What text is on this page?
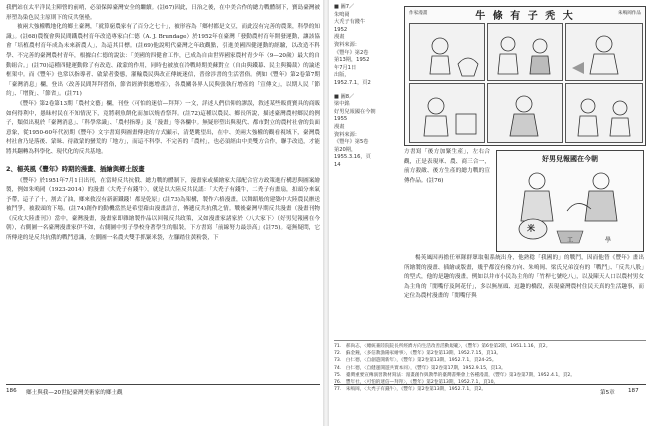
我們站在太平洋民主陣營的前哨，必須保障臺灣安全的繼續。(註67)因此，日治之後，在中美合作的總力戰體制下，寶島臺灣被形塑為染色民主原則下的反共堡壘。

被兩大強權戰地化的鄉土臺灣，「就算窮農家有了百分之七十」，被形容為「鄉村都是文豆，而此沒有完善的農業，科學的知識」。(註68)農復會與民間鐵農村育年改造專家白仁德（A. J. Brundage）於1952年在臺灣「發動農村育年開發運動，讓該協會「培植農村育年成為未來新農人」，為這其目標。(註69)他說明代臺灣之年政觀點，引進美國四健運動的經驗，以改造不科學、不完善的臺灣農村青年，根據白仁德的說法：「美國的四健會工作，已成為自由世界國家農村青少年（9—20歲）最大的自動組合。」(註70)這種四健運動除了有改造、啟蒙的作用，同時也被放在冷戰時期美蘇對立（自由與鐵幕、民主與獨裁）的論述框架中。而《豐年》也常以指導者、啟蒙者姿態，灌輸農民與改正傳統迷信，普徐涉書的生活習俗。例如《豐年》第2卷第7期「臺灣消息」欄，登出〈改善民間拜拜習俗，節省經濟供應增產〉，各農關各界人民與張執行增產的「宣傳文」，以期人民「節約」、「增資」、「節省」。(註71)

《豐年》第2卷第13期「農村文藝」欄，刊登〈可怕的迷信—拜拜〉一文，詳述人們信仰的謬誤，敘述某些販賣寶具的商販如何得利中，愚昧村民在不知情況下，竟將刺魚餅化而加以燒香祭拜。(註72)這種以農民、鄉長所說，描述臺灣農村鄉民的例子，類似出現於「臺灣消息」、「科學常識」、「農村指導」及「漫畫」等各欄中。無疑形塑出與現代、都市對立的農村社會的負面意象，從1950-60年代初期《豐年》文字書寫與圖畫傳達的方式顯示，清楚眺望出，在中、美兩大強權的觀看視域下，臺灣農村社會乃是落後、蒙昧、待啟蒙的蠻荒的「地方」，而這不科學、不完善的「農村」，也必須經由中美雙方合作，聯手改造，才能將其翻轉為科學化、現代化的反共基地。

2、楊英風《豐年》時期的漫畫、插繪與鄉土版畫

《豐年》於1951年7月1日出刊，在當時反共抗俄、總力戰的體制下，漫畫家或插繪家大部配合官方政策進行構思與圖案繪製，例如朱鳴岡（1923-2014）的漫畫〈大秃子有錢牛〉，就是以大陸反共民謠：「大秃子有錢牛，二秃子有畫扇，扣頭分來氣予帶，這子了十，割去了油，鄉來救沒有新新鐵錢！都是乾原」(註73)為架構，製作六格漫畫，以舞蹈般的建築中大陸農民辦送被鬥爭，被殺頭的下場。(註74)創作的動機當然是希望藉由漫畫語言，傳遞反共抗俄之情。戰後臺灣早期反共漫畫（漫畫刊物《反攻大陸畫刊》）當中，臺灣漫畫，漫畫家即雜繪製作品以回報反共政策，又如漫畫家諸家於〈八大家下〉（好男兒報國在今朝），右側圖一名臺灣漫畫家伊不如，右側圖中男子學校身著學生的服裝，下方書寫「前線努力最崇高」(註75)。毫無疑問，它所傳達的是反共抗俄的戰鬥意識，左側圖一名農夫雙手抓緊米袋，左腳踏住黃粉袋，下

186 鄉土與我—20世紀臺灣美術家的鄉土觀
■ 圖7／
朱鳴岡
大秃子有錢牛
1952
漫畫
資料來源：
《豐年》第2卷
第13期，1952
年7月1日
出版，
1952.7.1，頁2
■ 圖8／
梁中銘
好男兒報國在今朝
1955
漫畫
資料來源：
《豐年》第5卷
第20期，
1955.3.16，頁
14
作家漫畫	牛 條 有 子 秃 大	朱鳴岡作品

方書寫「後方加緊生產」，左右合觀，正是表現軍、農、商三合一，前方殺敵、後方生產的總力戰的宣傳作品。(註76)

好男兒報國在今朝
米
工	學

楊英風因再擔任軍隊群眾取報系統出身，他熟稔「我國的」的戰鬥，因而他替《豐年》畫出所繪製的漫畫、插繪或版畫，幾乎都沒有像方向、朱鳴岡、梁氏兄弟沒有的「戰鬥」、「反共八股」的型式，他的是趣的漫畫，例如以井市小民為主角的「竹桿七號吃八」，以及陳天人口以農村男女為主角的「閒嘴仔及阿花仔」，多以無厘頭、逗趣的橋段，表現臺灣農村住民天真的生活趣事，而定位為農村漫畫的「閒嘴仔與

71.　郝尚志，〈總統兼陸院院長所經濟方向生活改善活動規範〉，《豐年》第6卷第2期，1951.1.16，頁2。
72.　蘇金鐘，〈多信教漁陽家繪事〉，《豐年》第2卷第13期，1952.7.15，頁13。
73.　白仁德，〈自創遊開新年〉，《豐年》第2卷第13期，1952.7.1，頁24-25。
74.　白仁德，〈自健運開遊共實本同〉，《豐年》第2卷第17期，1952.9.15，頁13。
75.　臺灣重要宣傳演習教材寫法：漫畫創作與教學的臺灣書樂會上各種漫畫，《豐年》第3卷第7期，1952.4.1，頁2。
76.　豐年社，〈可怕的迷信—拜拜〉，《豐年》第2卷第13期，1952.7.1，頁10。
77.　朱鳴岡，〈大秃子有錢牛〉，《豐年》第2卷第13期，1952.7.1，頁2。
第5章 187
